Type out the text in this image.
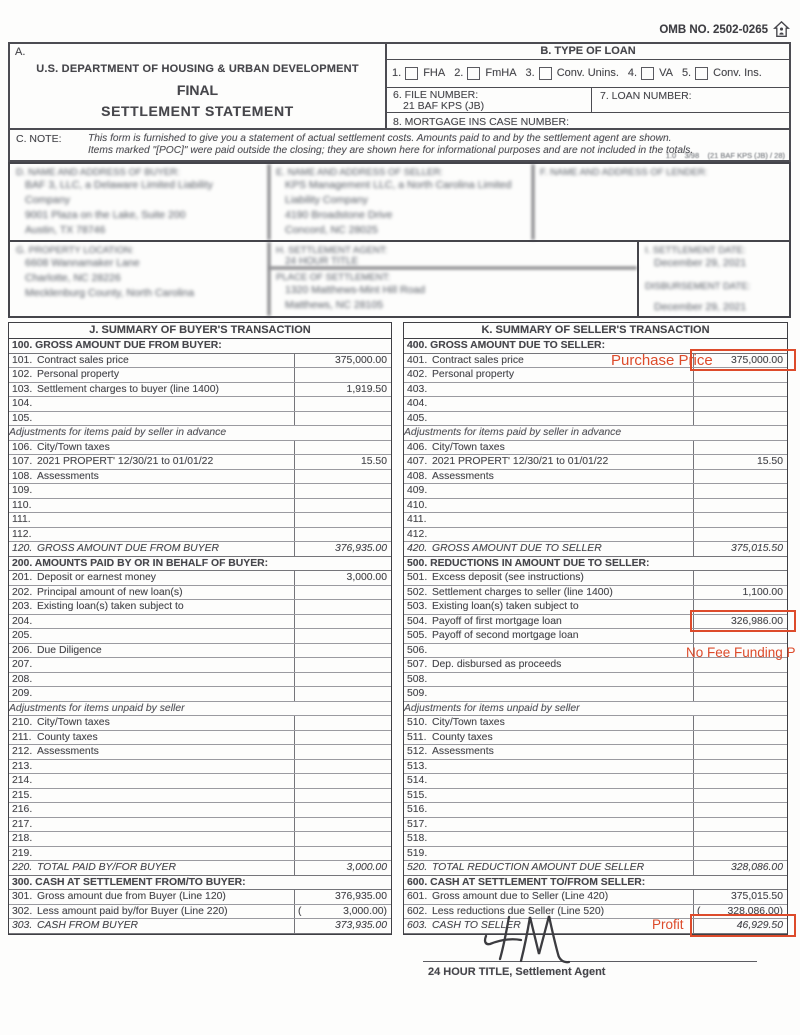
OMB NO. 2502-0265
A.
U.S. DEPARTMENT OF HOUSING & URBAN DEVELOPMENT
FINAL
SETTLEMENT STATEMENT
B. TYPE OF LOAN
1. FHA 2. FmHA 3. Conv. Unins. 4. VA 5. Conv. Ins.
6. FILE NUMBER:
21 BAF KPS (JB)
7. LOAN NUMBER:
8. MORTGAGE INS CASE NUMBER:
C. NOTE:	This form is furnished to give you a statement of actual settlement costs. Amounts paid to and by the settlement agent are shown.
Items marked "[POC]" were paid outside the closing; they are shown here for informational purposes and are not included in the totals.
1.0    3/98    (21 BAF KPS (JB) / 28)
D. NAME AND ADDRESS OF BUYER:
BAF 3, LLC, a Delaware Limited Liability
Company
9001 Plaza on the Lake, Suite 200
Austin, TX 78746
E. NAME AND ADDRESS OF SELLER:
KPS Management LLC, a North Carolina Limited
Liability Company
4190 Broadstone Drive
Concord, NC 28025
F. NAME AND ADDRESS OF LENDER:
G. PROPERTY LOCATION:
6608 Wannamaker Lane
Charlotte, NC 28226
Mecklenburg County, North Carolina
H. SETTLEMENT AGENT:
24 HOUR TITLE
PLACE OF SETTLEMENT:
1320 Matthews-Mint Hill Road
Matthews, NC 28105
I. SETTLEMENT DATE:
December 29, 2021
DISBURSEMENT DATE:
December 29, 2021
J. SUMMARY OF BUYER'S TRANSACTION
100. GROSS AMOUNT DUE FROM BUYER:
101. Contract sales price	375,000.00
102. Personal property
103. Settlement charges to buyer (line 1400)	1,919.50
104.
105.
Adjustments for items paid by seller in advance
106. City/Town taxes
107. 2021 PROPERT' 12/30/21 to 01/01/22	15.50
108. Assessments
109.
110.
111.
112.
120. GROSS AMOUNT DUE FROM BUYER	376,935.00
200. AMOUNTS PAID BY OR IN BEHALF OF BUYER:
201. Deposit or earnest money	3,000.00
202. Principal amount of new loan(s)
203. Existing loan(s) taken subject to
204.
205.
206. Due Diligence
207.
208.
209.
Adjustments for items unpaid by seller
210. City/Town taxes
211. County taxes
212. Assessments
213.
214.
215.
216.
217.
218.
219.
220. TOTAL PAID BY/FOR BUYER	3,000.00
300. CASH AT SETTLEMENT FROM/TO BUYER:
301. Gross amount due from Buyer (Line 120)	376,935.00
302. Less amount paid by/for Buyer (Line 220)	(	3,000.00)
303. CASH FROM BUYER	373,935.00
K. SUMMARY OF SELLER'S TRANSACTION
400. GROSS AMOUNT DUE TO SELLER:
401. Contract sales price	375,000.00
402. Personal property
403.
404.
405.
Adjustments for items paid by seller in advance
406. City/Town taxes
407. 2021 PROPERT' 12/30/21 to 01/01/22	15.50
408. Assessments
409.
410.
411.
412.
420. GROSS AMOUNT DUE TO SELLER	375,015.50
500. REDUCTIONS IN AMOUNT DUE TO SELLER:
501. Excess deposit (see instructions)
502. Settlement charges to seller (line 1400)	1,100.00
503. Existing loan(s) taken subject to
504. Payoff of first mortgage loan	326,986.00
505. Payoff of second mortgage loan
506.
507. Dep. disbursed as proceeds
508.
509.
Adjustments for items unpaid by seller
510. City/Town taxes
511. County taxes
512. Assessments
513.
514.
515.
516.
517.
518.
519.
520. TOTAL REDUCTION AMOUNT DUE SELLER	328,086.00
600. CASH AT SETTLEMENT TO/FROM SELLER:
601. Gross amount due to Seller (Line 420)	375,015.50
602. Less reductions due Seller (Line 520)	(	328,086.00)
603. CASH TO SELLER	46,929.50
Purchase Price
No Fee Funding P
Profit
24 HOUR TITLE, Settlement Agent
